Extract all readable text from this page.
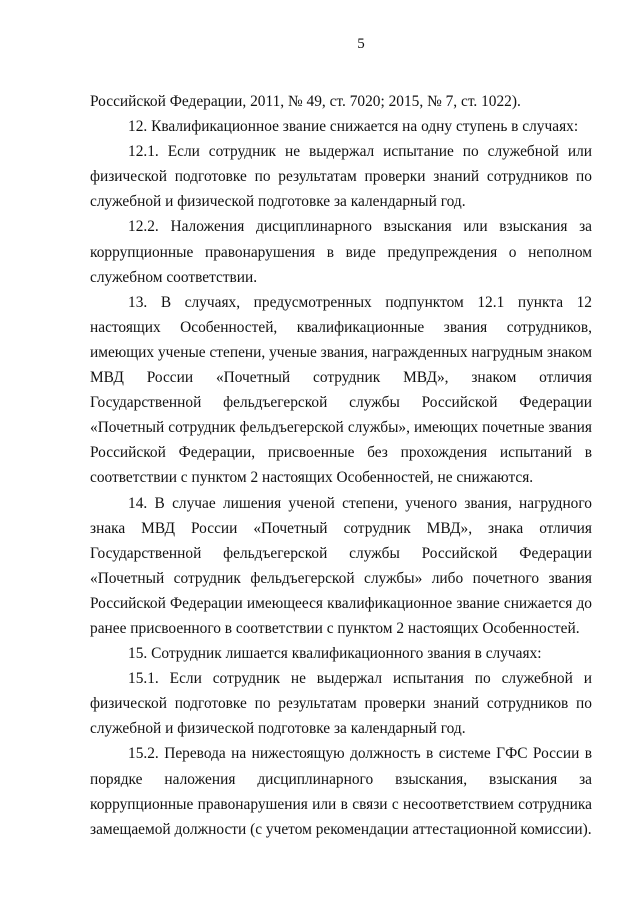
5

Российской Федерации, 2011, № 49, ст. 7020; 2015, № 7, ст. 1022).

12. Квалификационное звание снижается на одну ступень в случаях:

12.1. Если сотрудник не выдержал испытание по служебной или физической подготовке по результатам проверки знаний сотрудников по служебной и физической подготовке за календарный год.

12.2. Наложения дисциплинарного взыскания или взыскания за коррупционные правонарушения в виде предупреждения о неполном служебном соответствии.

13. В случаях, предусмотренных подпунктом 12.1 пункта 12 настоящих Особенностей, квалификационные звания сотрудников, имеющих ученые степени, ученые звания, награжденных нагрудным знаком МВД России «Почетный сотрудник МВД», знаком отличия Государственной фельдъегерской службы Российской Федерации «Почетный сотрудник фельдъегерской службы», имеющих почетные звания Российской Федерации, присвоенные без прохождения испытаний в соответствии с пунктом 2 настоящих Особенностей, не снижаются.

14. В случае лишения ученой степени, ученого звания, нагрудного знака МВД России «Почетный сотрудник МВД», знака отличия Государственной фельдъегерской службы Российской Федерации «Почетный сотрудник фельдъегерской службы» либо почетного звания Российской Федерации имеющееся квалификационное звание снижается до ранее присвоенного в соответствии с пунктом 2 настоящих Особенностей.

15. Сотрудник лишается квалификационного звания в случаях:

15.1. Если сотрудник не выдержал испытания по служебной и физической подготовке по результатам проверки знаний сотрудников по служебной и физической подготовке за календарный год.

15.2. Перевода на нижестоящую должность в системе ГФС России в порядке наложения дисциплинарного взыскания, взыскания за коррупционные правонарушения или в связи с несоответствием сотрудника замещаемой должности (с учетом рекомендации аттестационной комиссии).
